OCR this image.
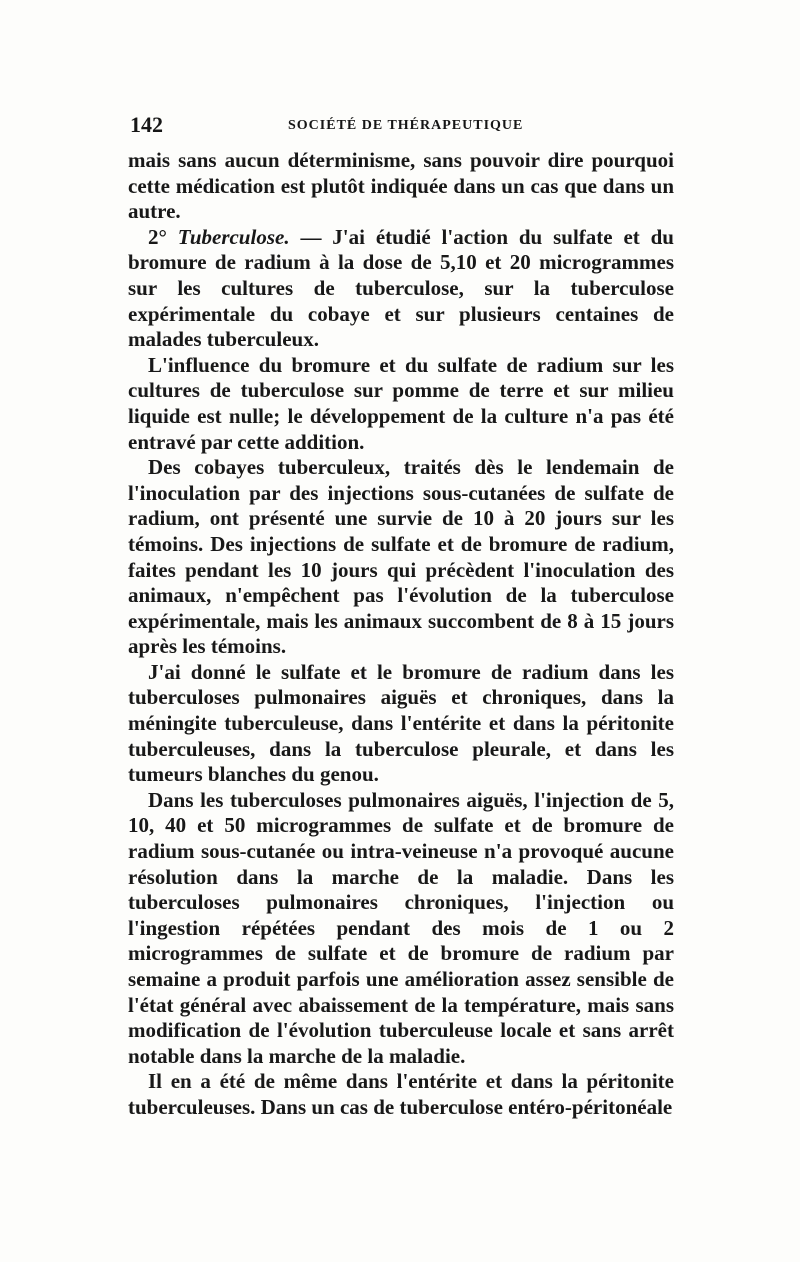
142	SOCIÉTÉ DE THÉRAPEUTIQUE

mais sans aucun déterminisme, sans pouvoir dire pourquoi cette médication est plutôt indiquée dans un cas que dans un autre.

2° Tuberculose. — J'ai étudié l'action du sulfate et du bromure de radium à la dose de 5,10 et 20 microgrammes sur les cultures de tuberculose, sur la tuberculose expérimentale du cobaye et sur plusieurs centaines de malades tuberculeux.

L'influence du bromure et du sulfate de radium sur les cultures de tuberculose sur pomme de terre et sur milieu liquide est nulle; le développement de la culture n'a pas été entravé par cette addition.

Des cobayes tuberculeux, traités dès le lendemain de l'inoculation par des injections sous-cutanées de sulfate de radium, ont présenté une survie de 10 à 20 jours sur les témoins. Des injections de sulfate et de bromure de radium, faites pendant les 10 jours qui précèdent l'inoculation des animaux, n'empêchent pas l'évolution de la tuberculose expérimentale, mais les animaux succombent de 8 à 15 jours après les témoins.

J'ai donné le sulfate et le bromure de radium dans les tuberculoses pulmonaires aiguës et chroniques, dans la méningite tuberculeuse, dans l'entérite et dans la péritonite tuberculeuses, dans la tuberculose pleurale, et dans les tumeurs blanches du genou.

Dans les tuberculoses pulmonaires aiguës, l'injection de 5, 10, 40 et 50 microgrammes de sulfate et de bromure de radium sous-cutanée ou intra-veineuse n'a provoqué aucune résolution dans la marche de la maladie. Dans les tuberculoses pulmonaires chroniques, l'injection ou l'ingestion répétées pendant des mois de 1 ou 2 microgrammes de sulfate et de bromure de radium par semaine a produit parfois une amélioration assez sensible de l'état général avec abaissement de la température, mais sans modification de l'évolution tuberculeuse locale et sans arrêt notable dans la marche de la maladie.

Il en a été de même dans l'entérite et dans la péritonite tuberculeuses. Dans un cas de tuberculose entéro-péritonéale
